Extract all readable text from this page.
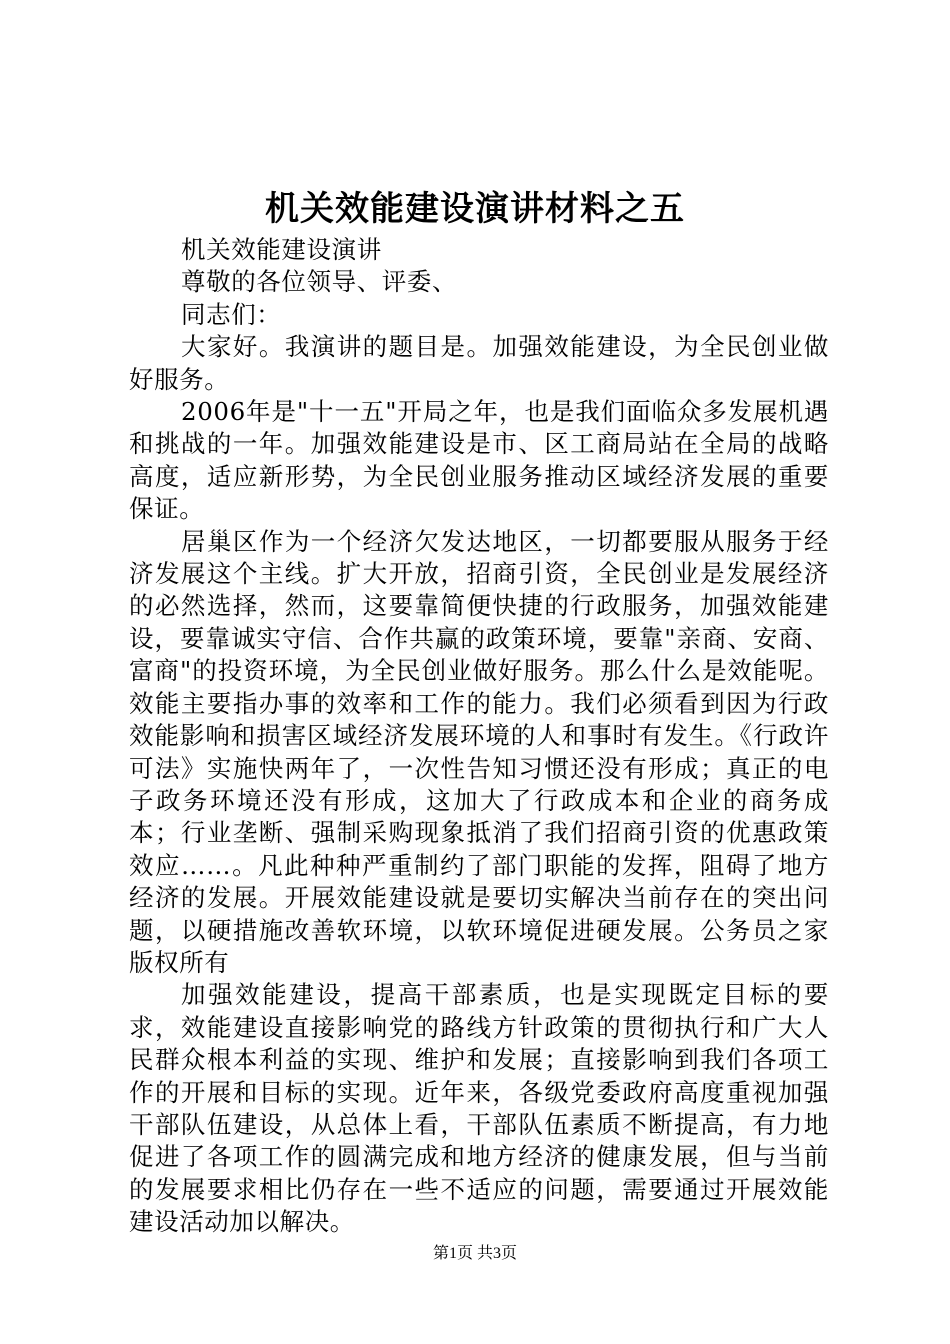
机关效能建设演讲材料之五

机关效能建设演讲

尊敬的各位领导、评委、

同志们：

大家好。我演讲的题目是。加强效能建设，为全民创业做好服务。

2006年是"十一五"开局之年，也是我们面临众多发展机遇和挑战的一年。加强效能建设是市、区工商局站在全局的战略高度，适应新形势，为全民创业服务推动区域经济发展的重要保证。

居巢区作为一个经济欠发达地区，一切都要服从服务于经济发展这个主线。扩大开放，招商引资，全民创业是发展经济的必然选择，然而，这要靠简便快捷的行政服务，加强效能建设，要靠诚实守信、合作共赢的政策环境，要靠"亲商、安商、富商"的投资环境，为全民创业做好服务。那么什么是效能呢。效能主要指办事的效率和工作的能力。我们必须看到因为行政效能影响和损害区域经济发展环境的人和事时有发生。《行政许可法》实施快两年了，一次性告知习惯还没有形成；真正的电子政务环境还没有形成，这加大了行政成本和企业的商务成本；行业垄断、强制采购现象抵消了我们招商引资的优惠政策效应……。凡此种种严重制约了部门职能的发挥，阻碍了地方经济的发展。开展效能建设就是要切实解决当前存在的突出问题，以硬措施改善软环境，以软环境促进硬发展。公务员之家版权所有

加强效能建设，提高干部素质，也是实现既定目标的要求，效能建设直接影响党的路线方针政策的贯彻执行和广大人民群众根本利益的实现、维护和发展；直接影响到我们各项工作的开展和目标的实现。近年来，各级党委政府高度重视加强干部队伍建设，从总体上看，干部队伍素质不断提高，有力地促进了各项工作的圆满完成和地方经济的健康发展，但与当前的发展要求相比仍存在一些不适应的问题，需要通过开展效能建设活动加以解决。

第1页 共3页
